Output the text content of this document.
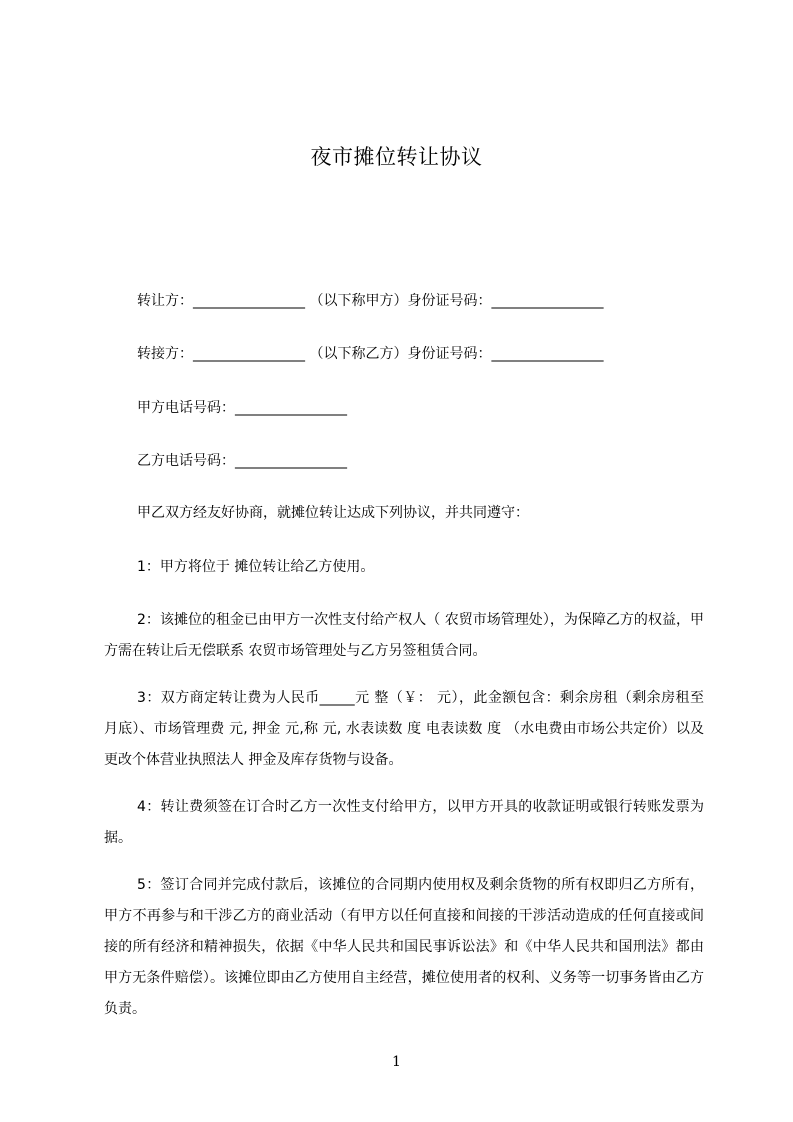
夜市摊位转让协议
转让方：________________ （以下称甲方）身份证号码：________________
转接方：________________ （以下称乙方）身份证号码：________________
甲方电话号码：________________
乙方电话号码：________________
甲乙双方经友好协商，就摊位转让达成下列协议，并共同遵守：
1：甲方将位于 摊位转让给乙方使用。
2：该摊位的租金已由甲方一次性支付给产权人（ 农贸市场管理处），为保障乙方的权益，甲方需在转让后无偿联系 农贸市场管理处与乙方另签租赁合同。
3：双方商定转让费为人民币_____元 整（￥： 元），此金额包含：剩余房租（剩余房租至 月底）、市场管理费 元, 押金 元,称 元, 水表读数 度 电表读数 度 （水电费由市场公共定价）以及更改个体营业执照法人 押金及库存货物与设备。
4：转让费须签在订合时乙方一次性支付给甲方，以甲方开具的收款证明或银行转账发票为据。
5：签订合同并完成付款后，该摊位的合同期内使用权及剩余货物的所有权即归乙方所有，甲方不再参与和干涉乙方的商业活动（有甲方以任何直接和间接的干涉活动造成的任何直接或间接的所有经济和精神损失，依据《中华人民共和国民事诉讼法》和《中华人民共和国刑法》都由甲方无条件赔偿）。该摊位即由乙方使用自主经营，摊位使用者的权利、义务等一切事务皆由乙方负责。
1
